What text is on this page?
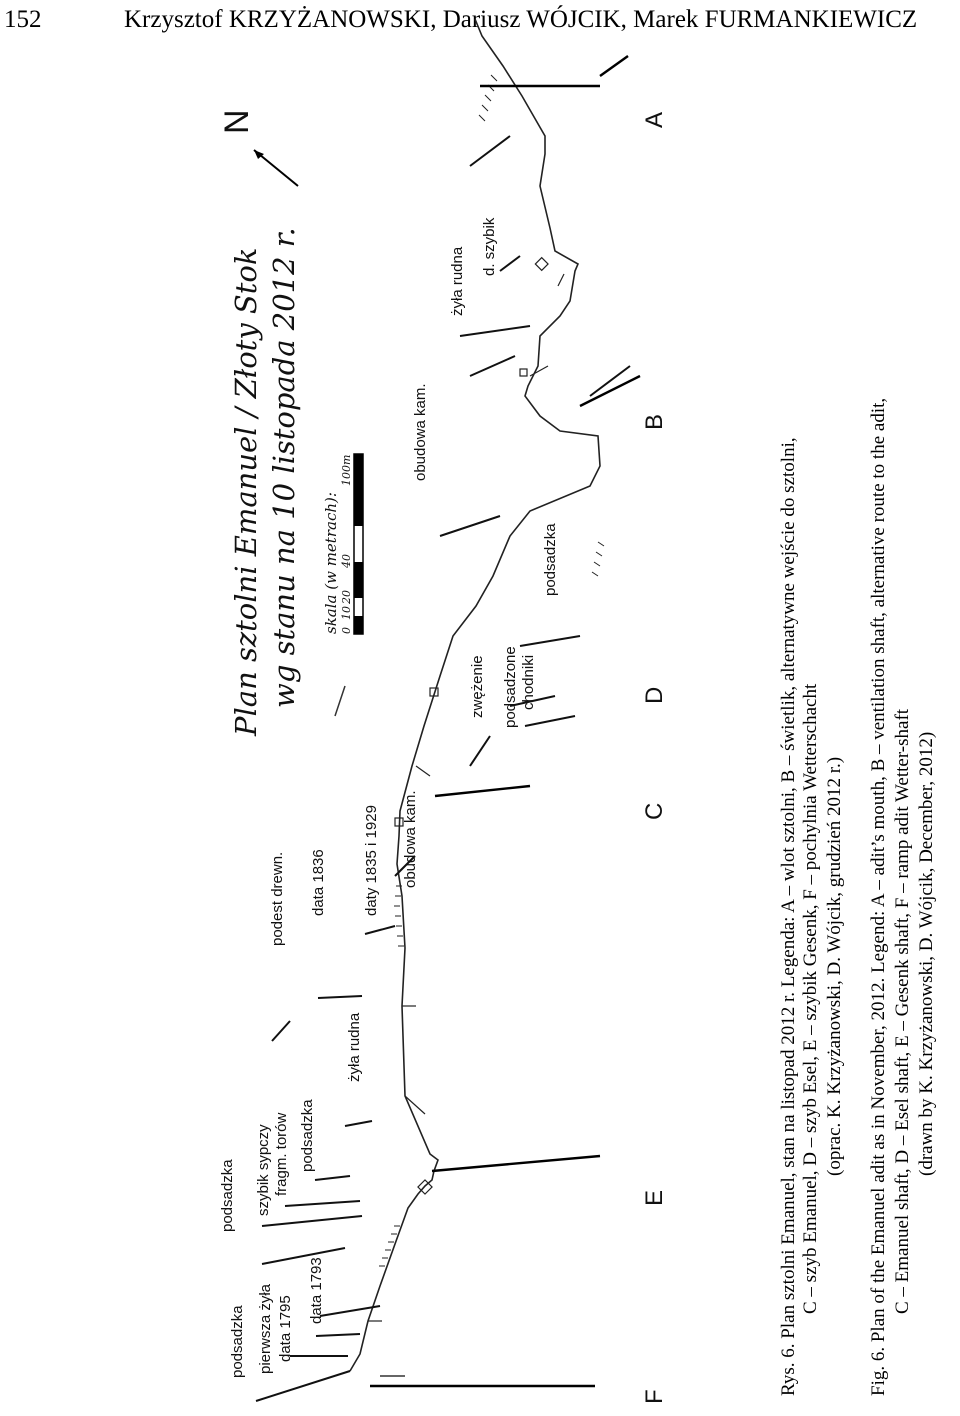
152	Krzysztof KRZYŻANOWSKI, Dariusz WÓJCIK, Marek FURMANKIEWICZ
podsadzka pierwsza żyła data 1795
data 1793
podsadzka szybik sypczy fragm. torów podsadzka
żyła rudna
podest drewn. data 1836 daty 1835 i 1929 obudowa kam.
zwężenie podsadzone chodniki
podsadzka
obudowa kam.
żyła rudna d. szybik
F
E
D
C
B
A
Plan sztolni Emanuel / Złoty Stok wg stanu na 10 listopada 2012 r. skala (w metrach): 0
10
20
40
100m
N
Rys. 6. Plan sztolni Emanuel, stan na listopad 2012 r. Legenda: A – wlot sztolni, B – świetlik, alternatywne wejście do sztolni, C – szyb Emanuel, D – szyb Esel, E – szybik Gesenk, F – pochylnia Wetterschacht (oprac. K. Krzyżanowski, D. Wójcik, grudzień 2012 r.) Fig. 6. Plan of the Emanuel adit as in November, 2012. Legend: A – adit’s mouth, B – ventilation shaft, alternative route to the adit, C – Emanuel shaft, D – Esel shaft, E – Gesenk shaft, F – ramp adit Wetter-shaft (drawn by K. Krzyżanowski, D. Wójcik, December, 2012)
